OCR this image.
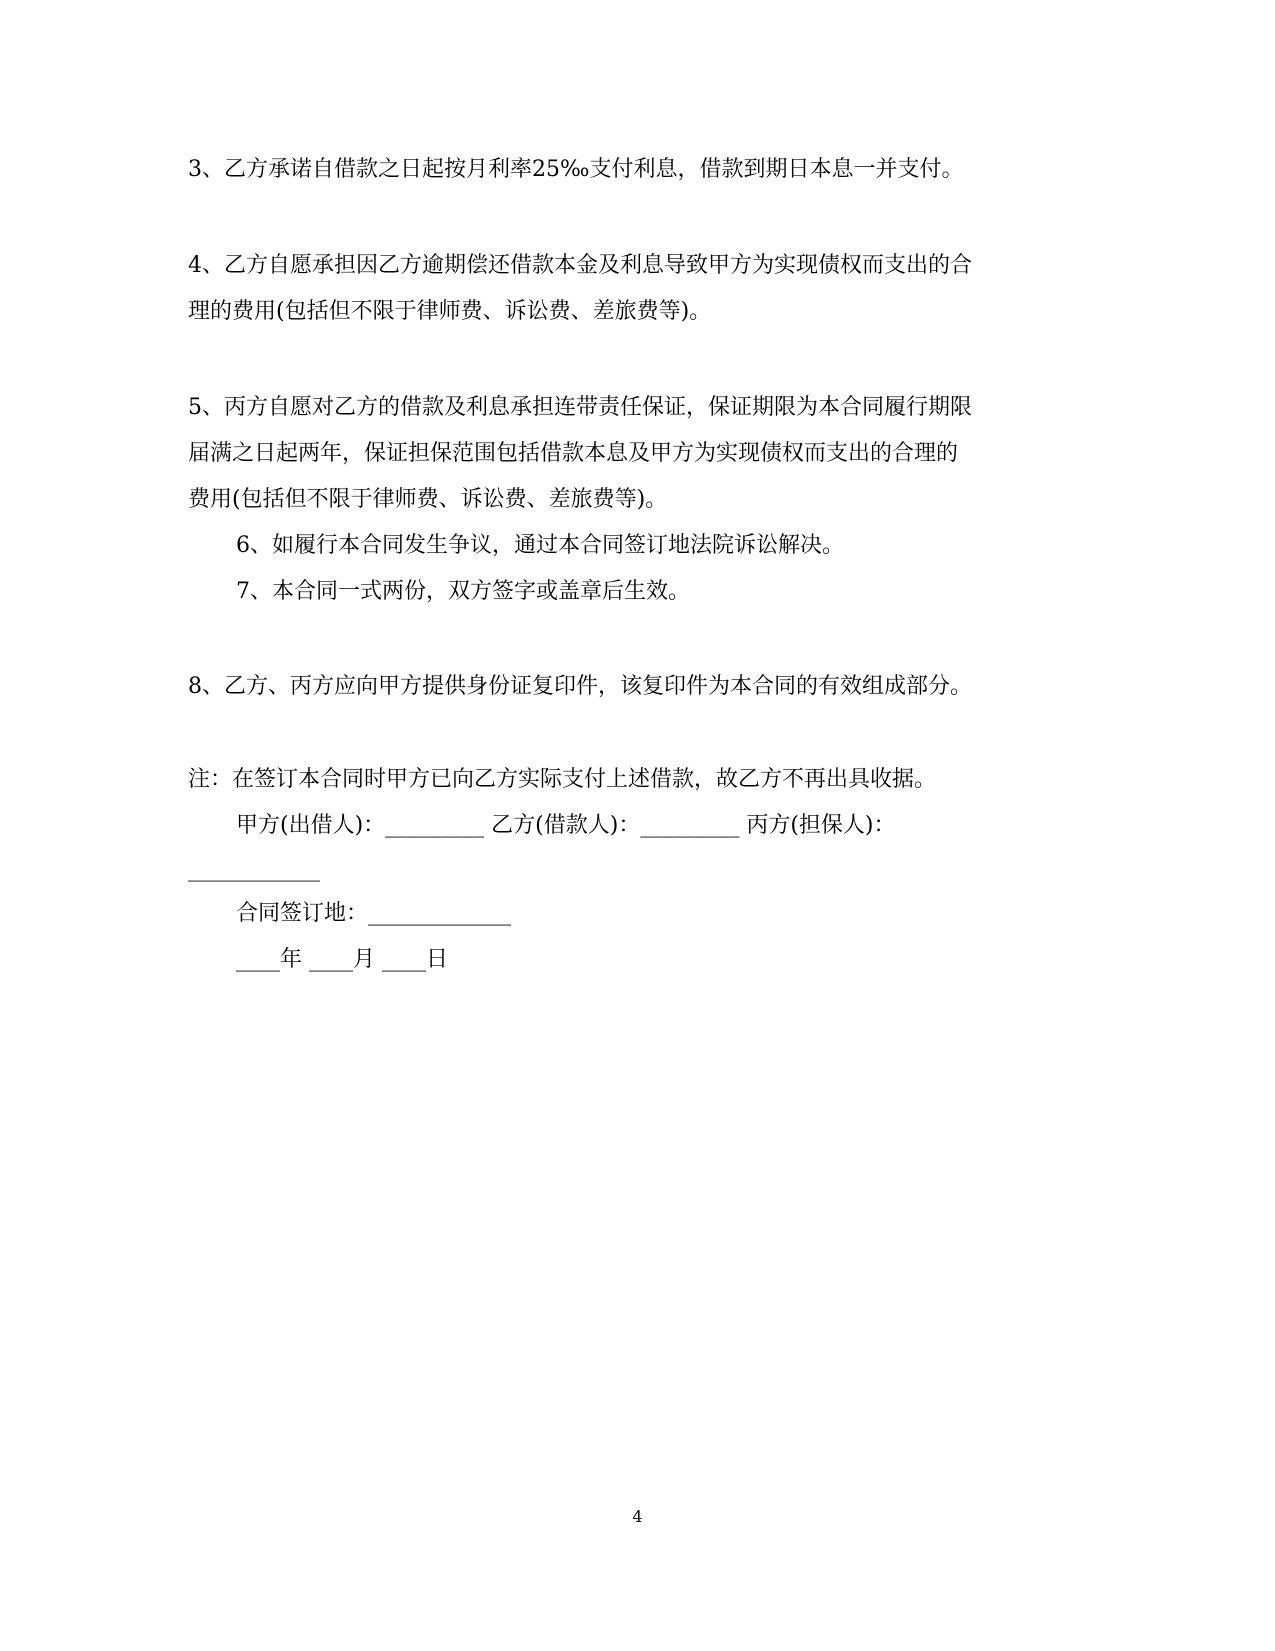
3、乙方承诺自借款之日起按月利率25‰支付利息，借款到期日本息一并支付。
4、乙方自愿承担因乙方逾期偿还借款本金及利息导致甲方为实现债权而支出的合
理的费用(包括但不限于律师费、诉讼费、差旅费等)。
5、丙方自愿对乙方的借款及利息承担连带责任保证，保证期限为本合同履行期限
届满之日起两年，保证担保范围包括借款本息及甲方为实现债权而支出的合理的
费用(包括但不限于律师费、诉讼费、差旅费等)。
6、如履行本合同发生争议，通过本合同签订地法院诉讼解决。
7、本合同一式两份，双方签字或盖章后生效。
8、乙方、丙方应向甲方提供身份证复印件，该复印件为本合同的有效组成部分。
注：在签订本合同时甲方已向乙方实际支付上述借款，故乙方不再出具收据。
甲方(出借人)：_________ 乙方(借款人)：_________ 丙方(担保人)：
____________
合同签订地：_____________
____年 ____月 ____日
4
